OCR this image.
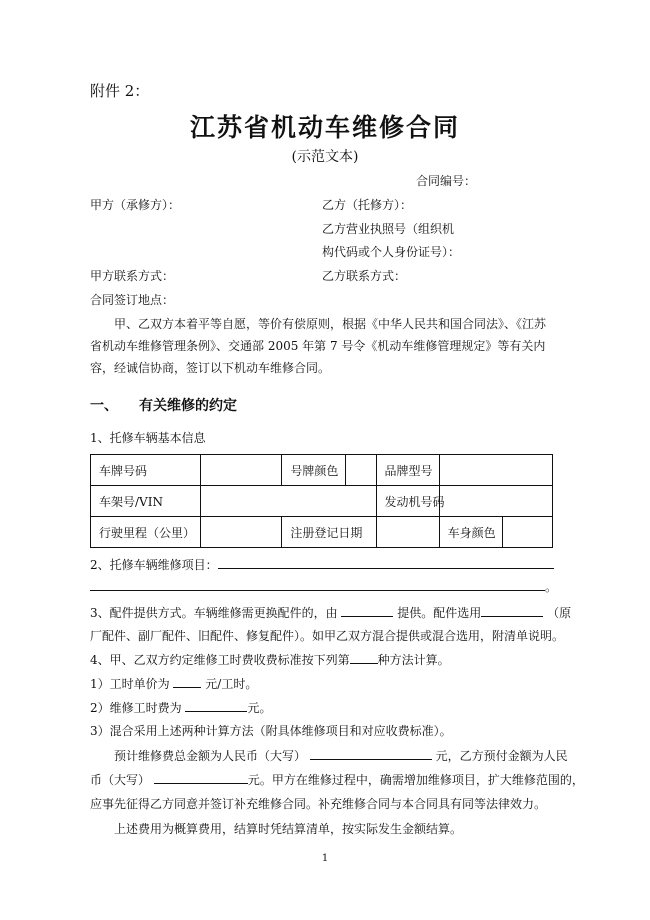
附件 2：
江苏省机动车维修合同
(示范文本)
合同编号：
甲方（承修方）：	乙方（托修方）：
乙方营业执照号（组织机
构代码或个人身份证号）：
甲方联系方式：	乙方联系方式：
合同签订地点：
甲、乙双方本着平等自愿，等价有偿原则，根据《中华人民共和国合同法》、《江苏省机动车维修管理条例》、交通部 2005 年第 7 号令《机动车维修管理规定》等有关内容，经诚信协商，签订以下机动车维修合同。
一、 有关维修的约定
1、托修车辆基本信息
车牌号码		号牌颜色		品牌型号		
车架号/VIN				发动机号码		
行驶里程（公里）		注册登记日期			车身颜色	
2、托修车辆维修项目：
。
3、配件提供方式。车辆维修需更换配件的，由	提供。配件选用	（原
厂配件、副厂配件、旧配件、修复配件）。如甲乙双方混合提供或混合选用，附清单说明。
4、甲、乙双方约定维修工时费收费标准按下列第 种方法计算。
1）工时单价为	元/工时。
2）维修工时费为	元。
3）混合采用上述两种计算方法（附具体维修项目和对应收费标准）。
预计维修费总金额为人民币（大写）	元，乙方预付金额为人民
币（大写）	元。甲方在维修过程中，确需增加维修项目，扩大维修范围的，
应事先征得乙方同意并签订补充维修合同。补充维修合同与本合同具有同等法律效力。
上述费用为概算费用，结算时凭结算清单，按实际发生金额结算。
1
